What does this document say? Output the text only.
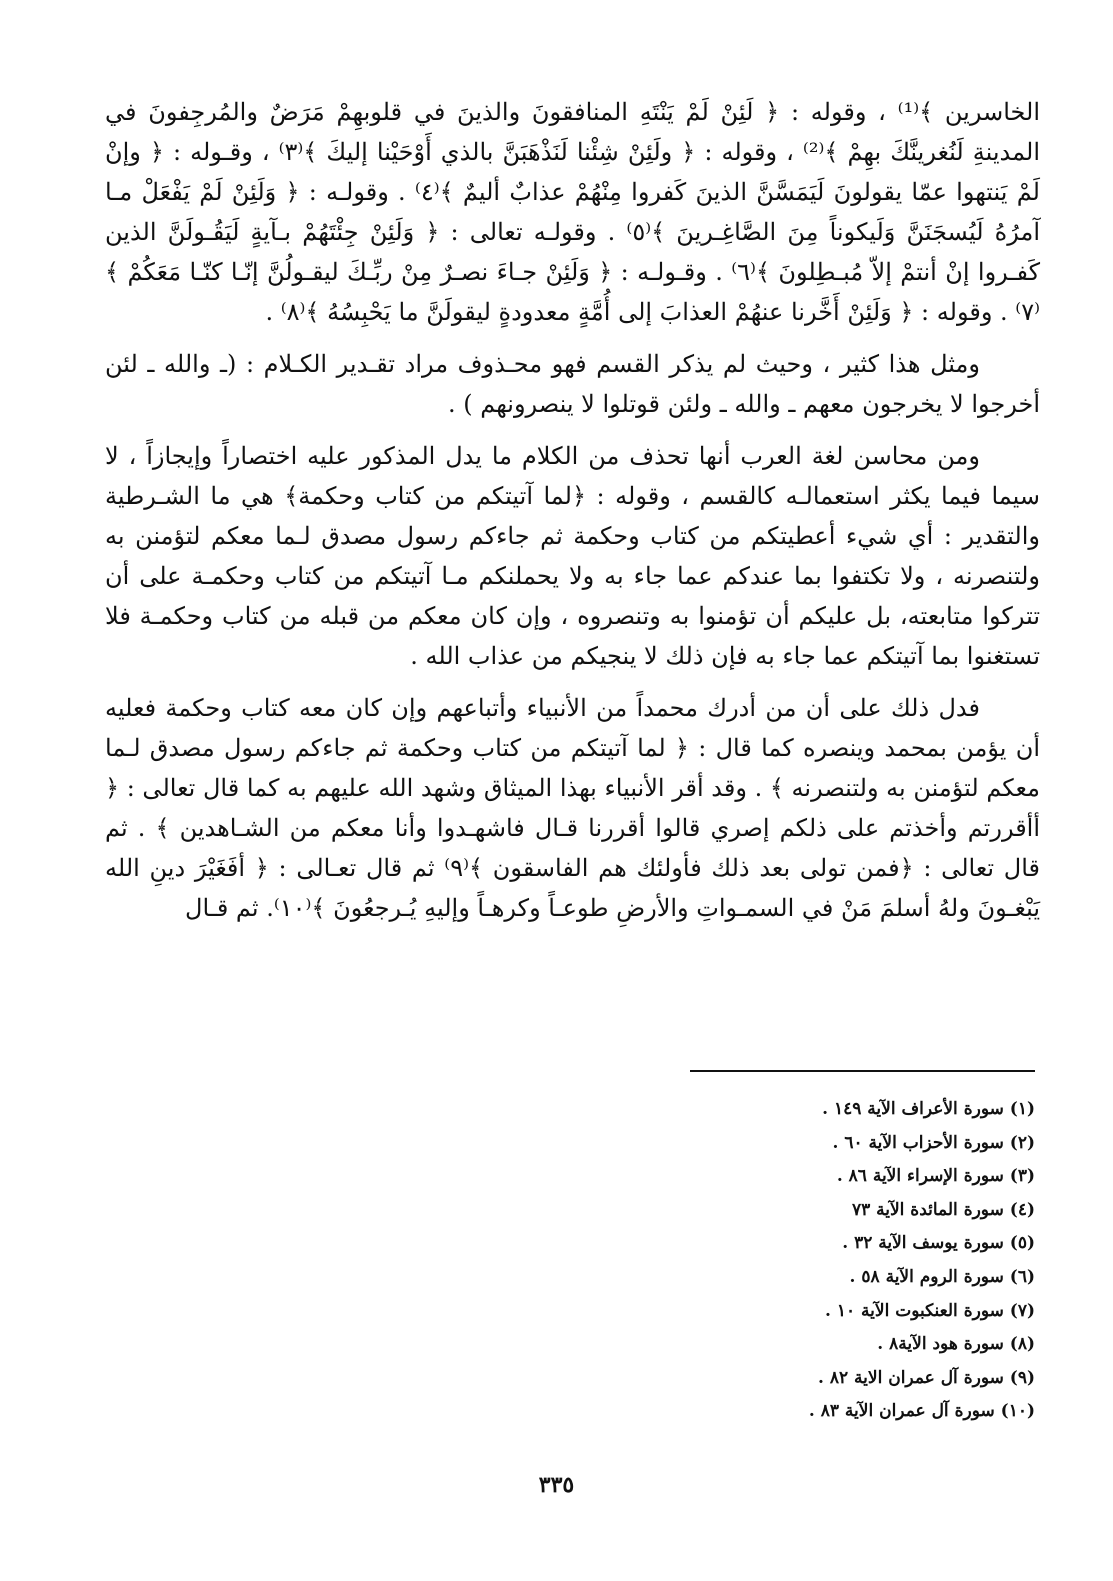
الخاسرين ﴾⁽¹⁾ ، وقوله : ﴿ لَئِنْ لَمْ يَنْتَهِ المنافقونَ والذينَ في قلوبهِمْ مَرَضٌ والمُرجِفونَ في المدينةِ لَنُغرينَّكَ بهِمْ ﴾⁽²⁾ ، وقوله : ﴿ ولَئِنْ شِئْنا لَنَذْهَبَنَّ بالذي أَوْحَيْنا إليكَ ﴾⁽٣⁾ ، وقـوله : ﴿ وإنْ لَمْ يَنتهوا عمّا يقولونَ لَيَمَسَّنَّ الذينَ كَفروا مِنْهُمْ عذابٌ أليمٌ ﴾⁽٤⁾ . وقولـه : ﴿ وَلَئِنْ لَمْ يَفْعَلْ مـا آمرُهُ لَيُسجَنَنَّ وَلَيكوناً مِنَ الصَّاغِـرينَ ﴾⁽٥⁾ . وقولـه تعالى : ﴿ وَلَئِنْ جِئْتَهُمْ بـآيةٍ لَيَقُـولَنَّ الذين كَفـروا إنْ أنتمْ إلاّ مُبـطِلونَ ﴾⁽٦⁾ . وقـولـه : ﴿ وَلَئِنْ جـاءَ نصـرٌ مِنْ ربِّـكَ ليقـولُنَّ إنّـا كنّـا مَعَكُمْ ﴾⁽٧⁾ . وقوله : ﴿ وَلَئِنْ أَخَّرنا عنهُمْ العذابَ إلى أُمَّةٍ معدودةٍ ليقولَنَّ ما يَحْبِسُهُ ﴾⁽٨⁾ .

ومثل هذا كثير ، وحيث لم يذكر القسم فهو محـذوف مراد تقـدير الكـلام : (ـ والله ـ لئن أخرجوا لا يخرجون معهم ـ والله ـ ولئن قوتلوا لا ينصرونهم ) .

ومن محاسن لغة العرب أنها تحذف من الكلام ما يدل المذكور عليه اختصاراً وإيجازاً ، لا سيما فيما يكثر استعمالـه كالقسم ، وقوله : ﴿لما آتيتكم من كتاب وحكمة﴾ هي ما الشـرطية والتقدير : أي شيء أعطيتكم من كتاب وحكمة ثم جاءكم رسول مصدق لـما معكم لتؤمنن به ولتنصرنه ، ولا تكتفوا بما عندكم عما جاء به ولا يحملنكم مـا آتيتكم من كتاب وحكمـة على أن تتركوا متابعته، بل عليكم أن تؤمنوا به وتنصروه ، وإن كان معكم من قبله من كتاب وحكمـة فلا تستغنوا بما آتيتكم عما جاء به فإن ذلك لا ينجيكم من عذاب الله .

فدل ذلك على أن من أدرك محمداً من الأنبياء وأتباعهم وإن كان معه كتاب وحكمة فعليه أن يؤمن بمحمد وينصره كما قال : ﴿ لما آتيتكم من كتاب وحكمة ثم جاءكم رسول مصدق لـما معكم لتؤمنن به ولتنصرنه ﴾ . وقد أقر الأنبياء بهذا الميثاق وشهد الله عليهم به كما قال تعالى : ﴿ أأقررتم وأخذتم على ذلكم إصري قالوا أقررنا قـال فاشهـدوا وأنا معكم من الشـاهدين ﴾ . ثم قال تعالى : ﴿فمن تولى بعد ذلك فأولئك هم الفاسقون ﴾⁽٩⁾ ثم قال تعـالى : ﴿ أفَغَيْرَ دينِ الله يَبْغـونَ ولهُ أسلمَ مَنْ في السمـواتِ والأرضِ طوعـاً وكرهـاً وإليهِ يُـرجعُونَ ﴾⁽١٠⁾. ثم قـال

(١) سورة الأعراف الآية ١٤٩ .
(٢) سورة الأحزاب الآية ٦٠ .
(٣) سورة الإسراء الآية ٨٦ .
(٤) سورة المائدة الآية ٧٣
(٥) سورة يوسف الآية ٣٢ .
(٦) سورة الروم الآية ٥٨ .
(٧) سورة العنكبوت الآية ١٠ .
(٨) سورة هود الآية٨ .
(٩) سورة آل عمران الاية ٨٢ .
(١٠) سورة آل عمران الآية ٨٣ .
٣٣٥
